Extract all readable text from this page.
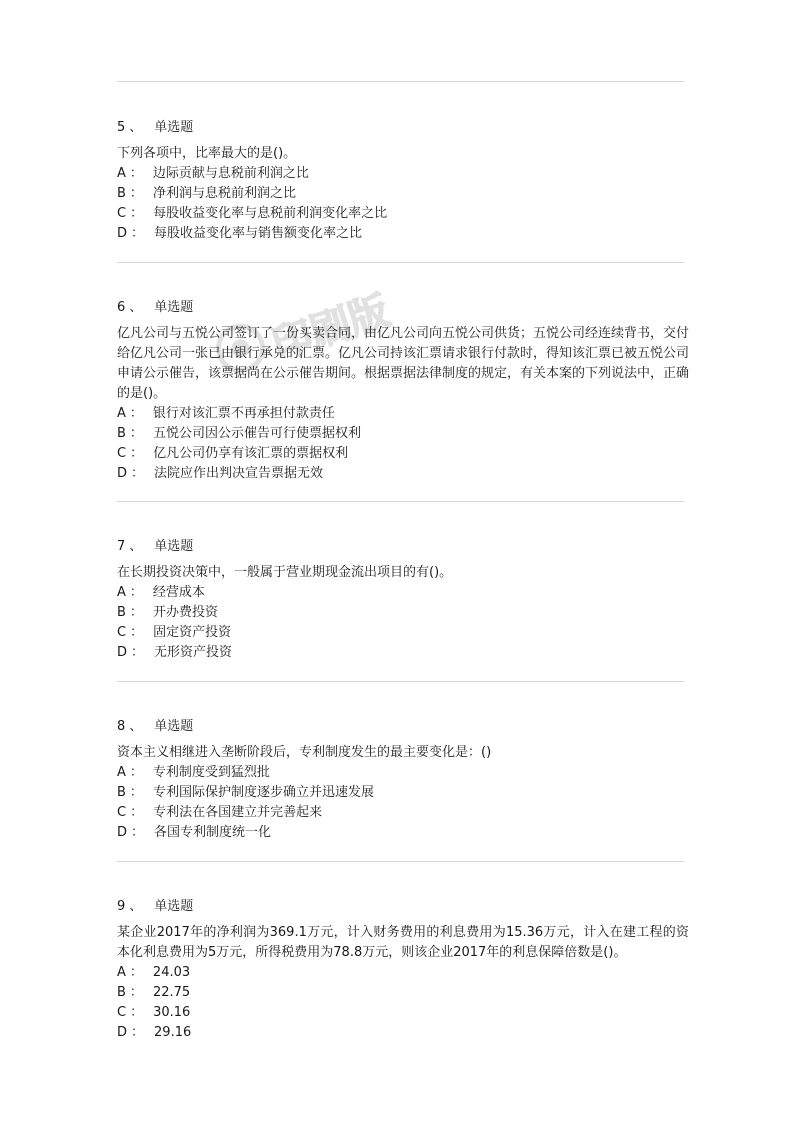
5 、 单选题

下列各项中，比率最大的是()。

A ： 边际贡献与息税前利润之比
B ： 净利润与息税前利润之比
C ： 每股收益变化率与息税前利润变化率之比
D ： 每股收益变化率与销售额变化率之比
6 、 单选题

亿凡公司与五悦公司签订了一份买卖合同，由亿凡公司向五悦公司供货；五悦公司经连续背书，交付给亿凡公司一张已由银行承兑的汇票。亿凡公司持该汇票请求银行付款时，得知该汇票已被五悦公司申请公示催告，该票据尚在公示催告期间。根据票据法律制度的规定，有关本案的下列说法中，正确的是()。

A ： 银行对该汇票不再承担付款责任
B ： 五悦公司因公示催告可行使票据权利
C ： 亿凡公司仍享有该汇票的票据权利
D ： 法院应作出判决宣告票据无效
7 、 单选题

在长期投资决策中，一般属于营业期现金流出项目的有()。

A ： 经营成本
B ： 开办费投资
C ： 固定资产投资
D ： 无形资产投资
8 、 单选题

资本主义相继进入垄断阶段后，专利制度发生的最主要变化是：()

A ： 专利制度受到猛烈批
B ： 专利国际保护制度逐步确立并迅速发展
C ： 专利法在各国建立并完善起来
D ： 各国专利制度统一化
9 、 单选题

某企业2017年的净利润为369.1万元，计入财务费用的利息费用为15.36万元，计入在建工程的资本化利息费用为5万元，所得税费用为78.8万元，则该企业2017年的利息保障倍数是()。

A ： 24.03
B ： 22.75
C ： 30.16
D ： 29.16
印刷版
